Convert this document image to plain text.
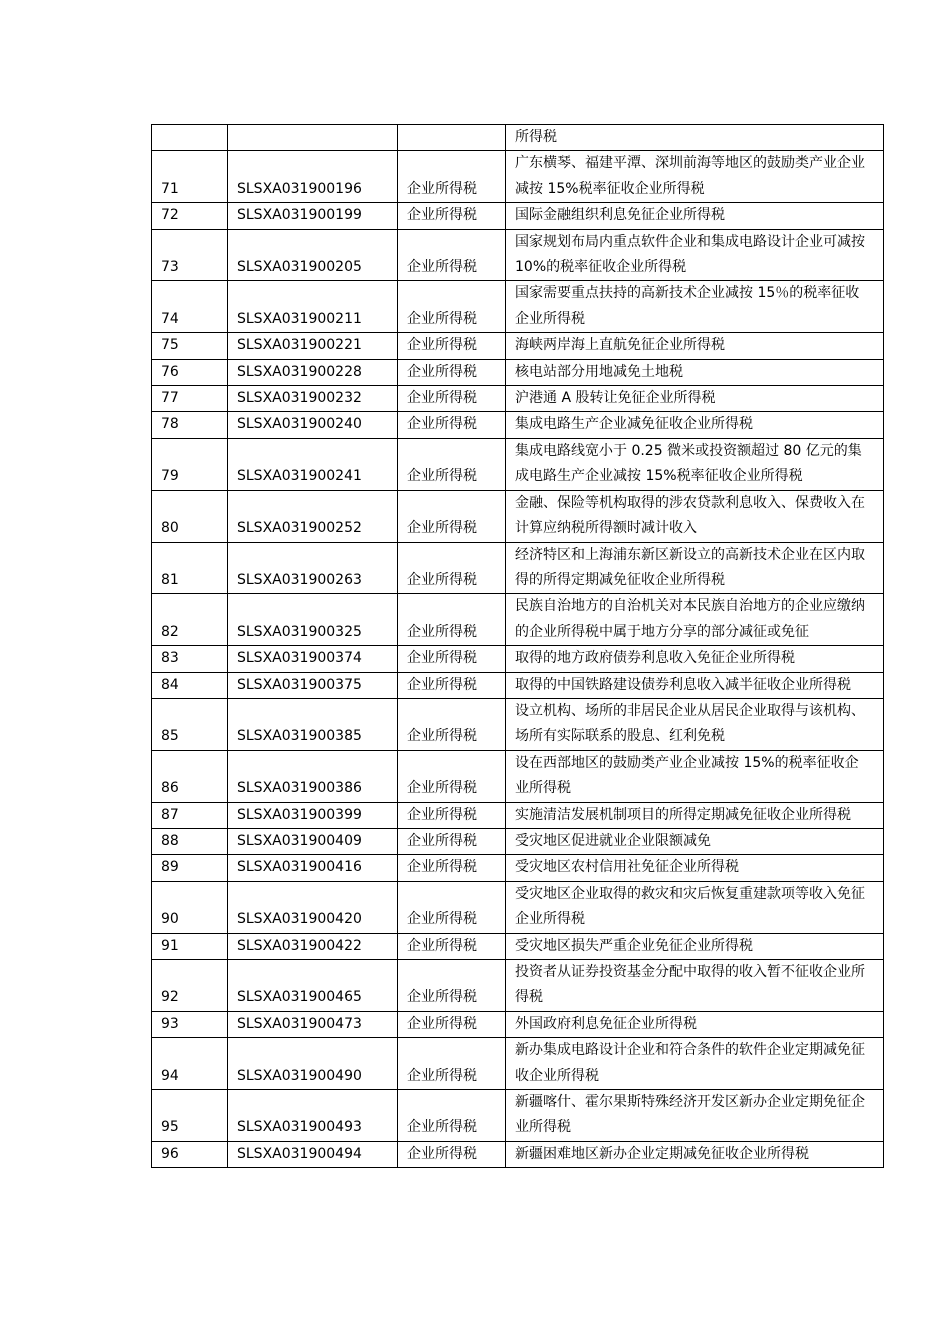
			所得税
71	SLSXA031900196	企业所得税	广东横琴、福建平潭、深圳前海等地区的鼓励类产业企业减按 15%税率征收企业所得税
72	SLSXA031900199	企业所得税	国际金融组织利息免征企业所得税
73	SLSXA031900205	企业所得税	国家规划布局内重点软件企业和集成电路设计企业可减按 10%的税率征收企业所得税
74	SLSXA031900211	企业所得税	国家需要重点扶持的高新技术企业减按 15％的税率征收企业所得税
75	SLSXA031900221	企业所得税	海峡两岸海上直航免征企业所得税
76	SLSXA031900228	企业所得税	核电站部分用地减免土地税
77	SLSXA031900232	企业所得税	沪港通 A 股转让免征企业所得税
78	SLSXA031900240	企业所得税	集成电路生产企业减免征收企业所得税
79	SLSXA031900241	企业所得税	集成电路线宽小于 0.25 微米或投资额超过 80 亿元的集成电路生产企业减按 15%税率征收企业所得税
80	SLSXA031900252	企业所得税	金融、保险等机构取得的涉农贷款利息收入、保费收入在计算应纳税所得额时减计收入
81	SLSXA031900263	企业所得税	经济特区和上海浦东新区新设立的高新技术企业在区内取得的所得定期减免征收企业所得税
82	SLSXA031900325	企业所得税	民族自治地方的自治机关对本民族自治地方的企业应缴纳的企业所得税中属于地方分享的部分减征或免征
83	SLSXA031900374	企业所得税	取得的地方政府债券利息收入免征企业所得税
84	SLSXA031900375	企业所得税	取得的中国铁路建设债券利息收入减半征收企业所得税
85	SLSXA031900385	企业所得税	设立机构、场所的非居民企业从居民企业取得与该机构、场所有实际联系的股息、红利免税
86	SLSXA031900386	企业所得税	设在西部地区的鼓励类产业企业减按 15%的税率征收企业所得税
87	SLSXA031900399	企业所得税	实施清洁发展机制项目的所得定期减免征收企业所得税
88	SLSXA031900409	企业所得税	受灾地区促进就业企业限额减免
89	SLSXA031900416	企业所得税	受灾地区农村信用社免征企业所得税
90	SLSXA031900420	企业所得税	受灾地区企业取得的救灾和灾后恢复重建款项等收入免征企业所得税
91	SLSXA031900422	企业所得税	受灾地区损失严重企业免征企业所得税
92	SLSXA031900465	企业所得税	投资者从证券投资基金分配中取得的收入暂不征收企业所得税
93	SLSXA031900473	企业所得税	外国政府利息免征企业所得税
94	SLSXA031900490	企业所得税	新办集成电路设计企业和符合条件的软件企业定期减免征收企业所得税
95	SLSXA031900493	企业所得税	新疆喀什、霍尔果斯特殊经济开发区新办企业定期免征企业所得税
96	SLSXA031900494	企业所得税	新疆困难地区新办企业定期减免征收企业所得税
